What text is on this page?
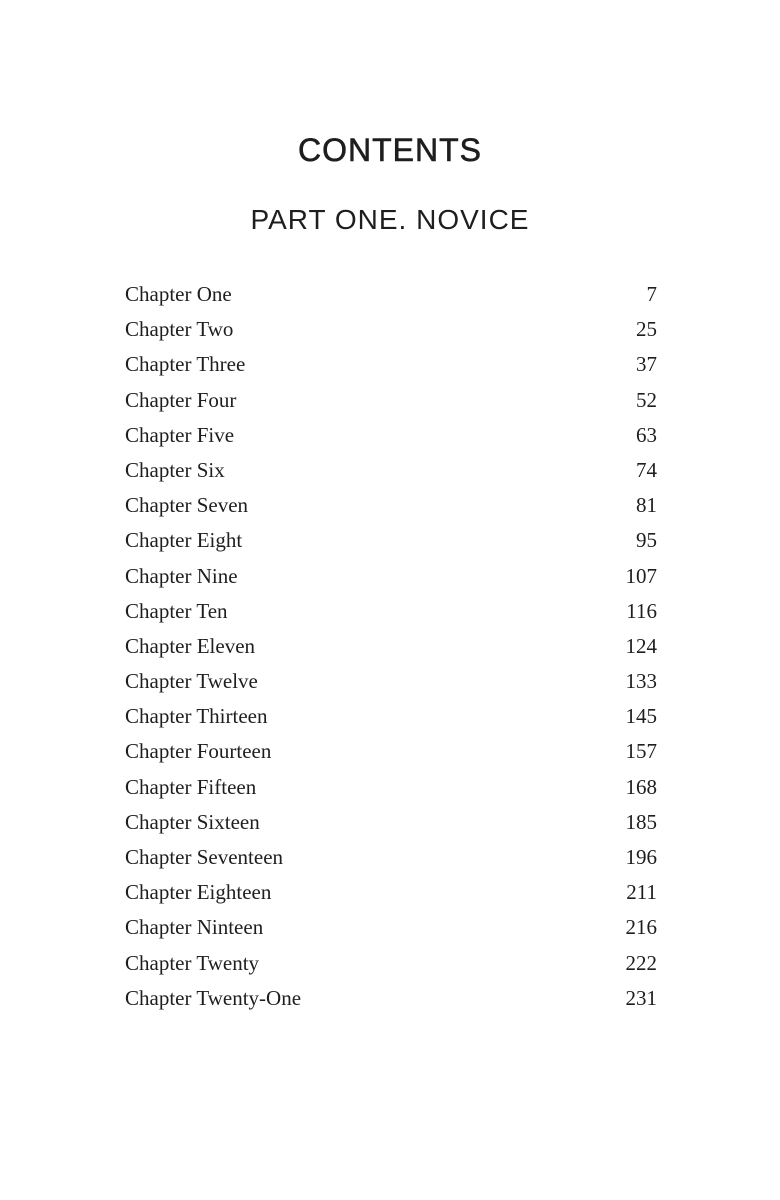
CONTENTS
PART ONE. NOVICE
Chapter One	7
Chapter Two	25
Chapter Three	37
Chapter Four	52
Chapter Five	63
Chapter Six	74
Chapter Seven	81
Chapter Eight	95
Chapter Nine	107
Chapter Ten	116
Chapter Eleven	124
Chapter Twelve	133
Chapter Thirteen	145
Chapter Fourteen	157
Chapter Fifteen	168
Chapter Sixteen	185
Chapter Seventeen	196
Chapter Eighteen	211
Chapter Ninteen	216
Chapter Twenty	222
Chapter Twenty-One	231
